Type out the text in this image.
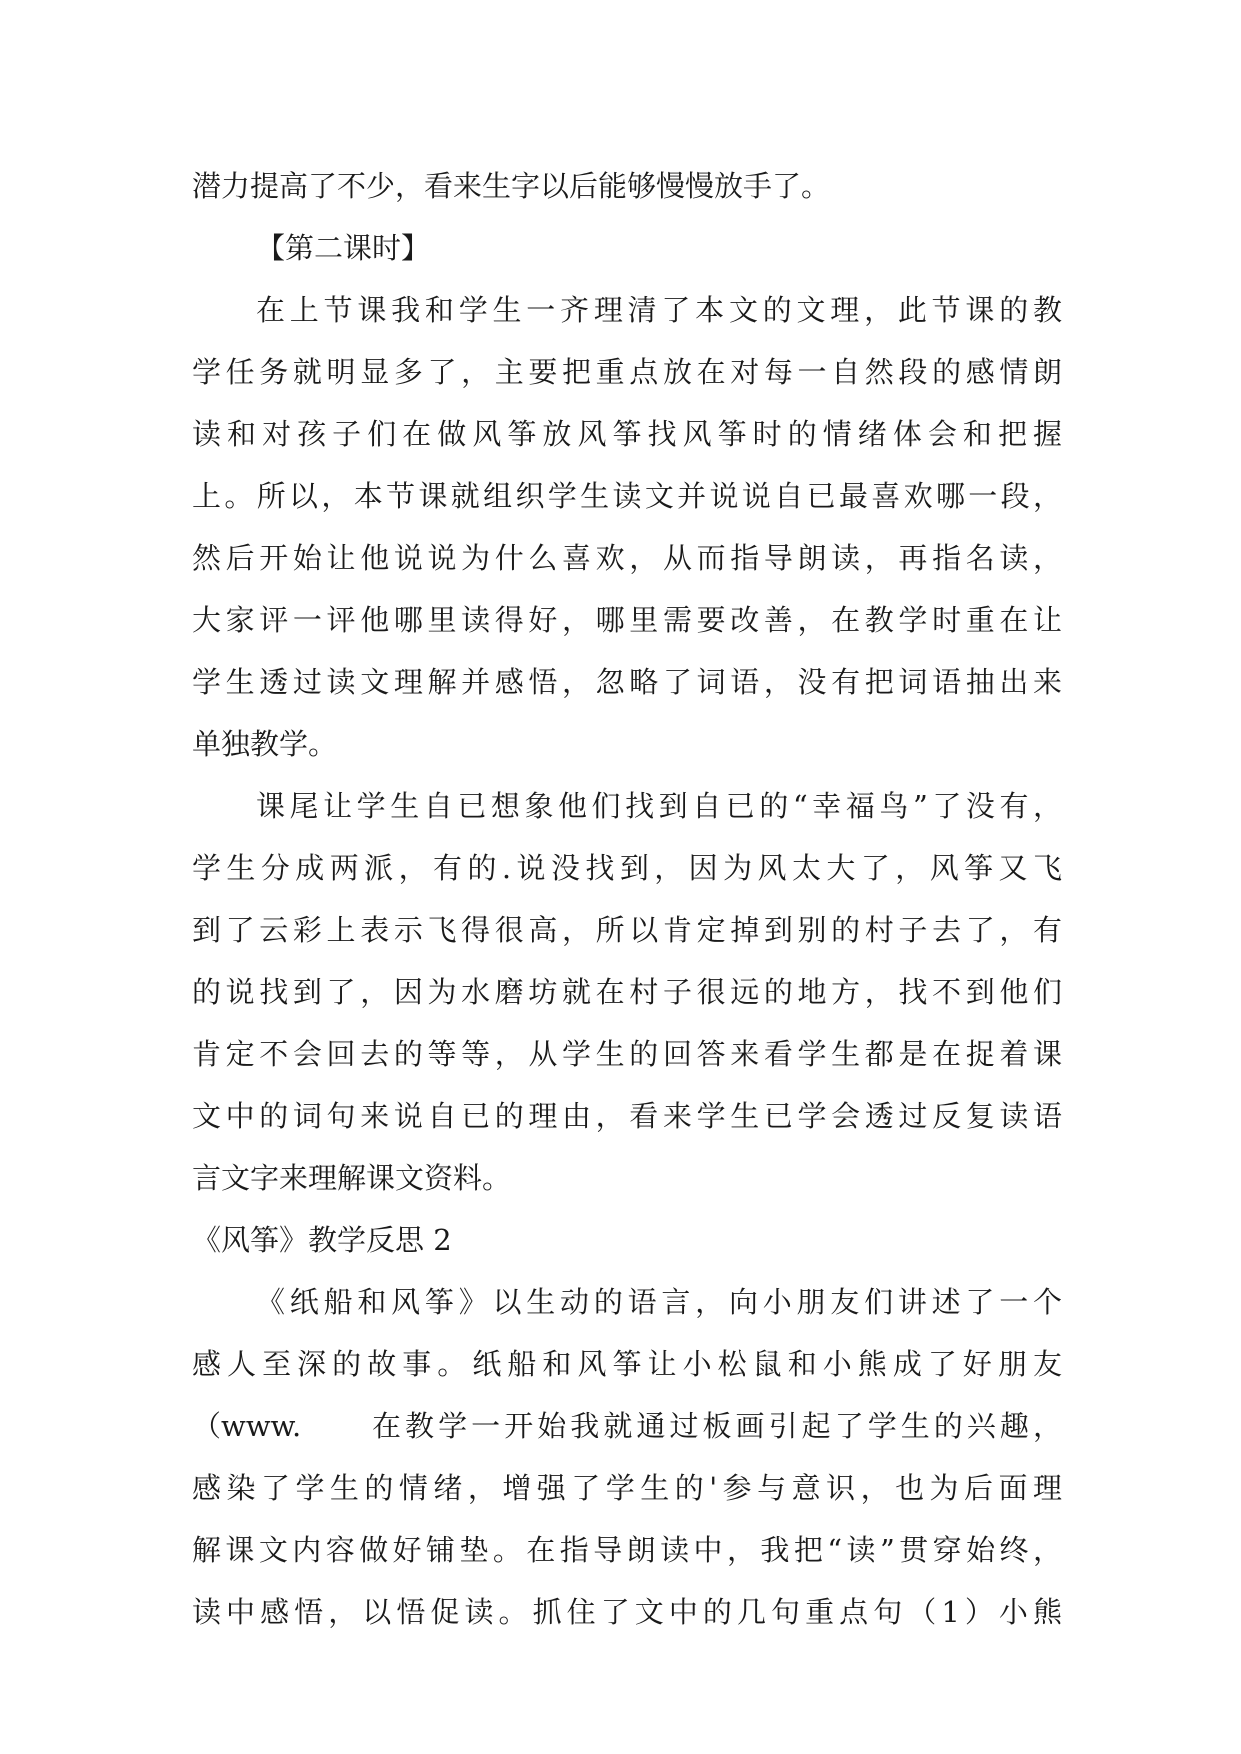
潜力提高了不少，看来生字以后能够慢慢放手了。
【第二课时】
在上节课我和学生一齐理清了本文的文理，此节课的教
学任务就明显多了，主要把重点放在对每一自然段的感情朗
读和对孩子们在做风筝放风筝找风筝时的情绪体会和把握
上。所以，本节课就组织学生读文并说说自已最喜欢哪一段，
然后开始让他说说为什么喜欢，从而指导朗读，再指名读，
大家评一评他哪里读得好，哪里需要改善，在教学时重在让
学生透过读文理解并感悟，忽略了词语，没有把词语抽出来
单独教学。
课尾让学生自已想象他们找到自已的“幸福鸟”了没有，
学生分成两派，有的.说没找到，因为风太大了，风筝又飞
到了云彩上表示飞得很高，所以肯定掉到别的村子去了，有
的说找到了，因为水磨坊就在村子很远的地方，找不到他们
肯定不会回去的等等，从学生的回答来看学生都是在捉着课
文中的词句来说自已的理由，看来学生已学会透过反复读语
言文字来理解课文资料。
《风筝》教学反思 2
《纸船和风筝》以生动的语言，向小朋友们讲述了一个
感人至深的故事。纸船和风筝让小松鼠和小熊成了好朋友
（www.	在教学一开始我就通过板画引起了学生的兴趣，
感染了学生的情绪，增强了学生的'参与意识，也为后面理
解课文内容做好铺垫。在指导朗读中，我把“读”贯穿始终，
读中感悟，以悟促读。抓住了文中的几句重点句（1）小熊
